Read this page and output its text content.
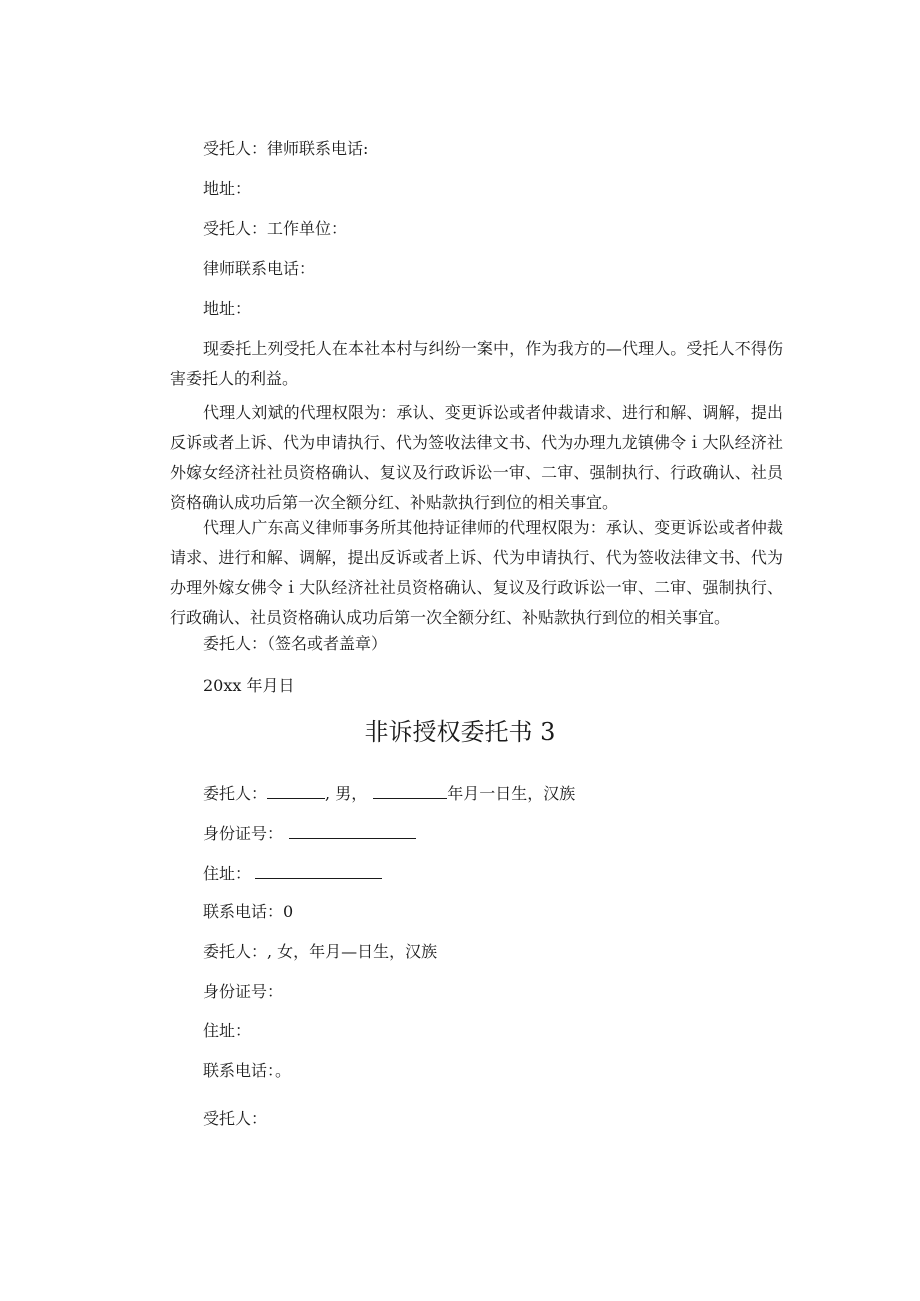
受托人：律师联系电话:
地址：
受托人：工作单位：
律师联系电话：
地址：
现委托上列受托人在本社本村与纠纷一案中，作为我方的—代理人。受托人不得伤害委托人的利益。
代理人刘斌的代理权限为：承认、变更诉讼或者仲裁请求、进行和解、调解，提出反诉或者上诉、代为申请执行、代为签收法律文书、代为办理九龙镇佛令ｉ大队经济社外嫁女经济社社员资格确认、复议及行政诉讼一审、二审、强制执行、行政确认、社员资格确认成功后第一次全额分红、补贴款执行到位的相关事宜。
代理人广东高义律师事务所其他持证律师的代理权限为：承认、变更诉讼或者仲裁请求、进行和解、调解，提出反诉或者上诉、代为申请执行、代为签收法律文书、代为办理外嫁女佛令ｉ大队经济社社员资格确认、复议及行政诉讼一审、二审、强制执行、行政确认、社员资格确认成功后第一次全额分红、补贴款执行到位的相关事宜。
委托人：（签名或者盖章）
20xx 年月日
非诉授权委托书 3
委托人：	, 男，	年月一日生，汉族
身份证号：
住址：
联系电话：0
委托人：, 女，年月—日生，汉族
身份证号：
住址：
联系电话：。
受托人：
